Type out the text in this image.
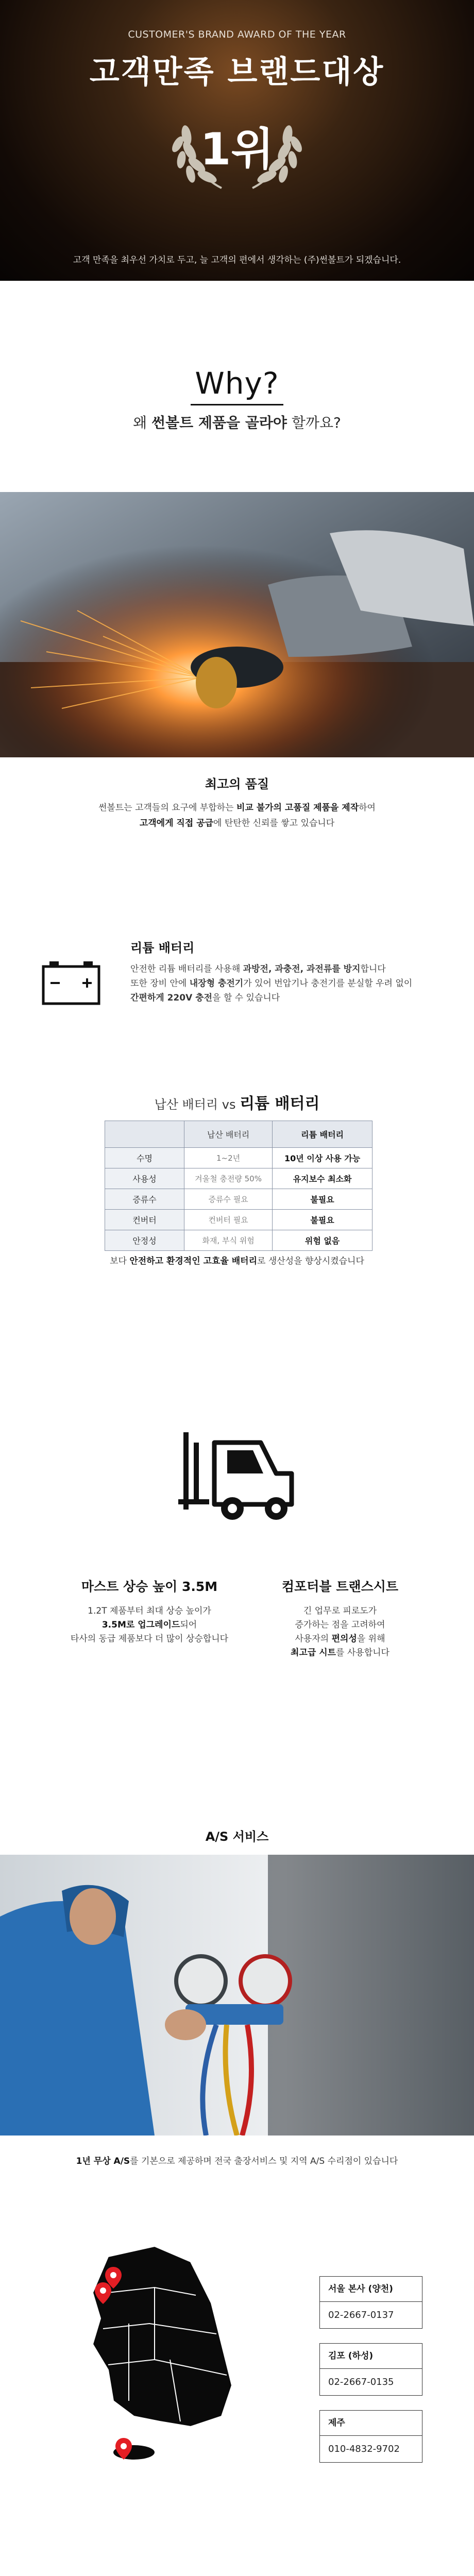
CUSTOMER'S BRAND AWARD OF THE YEAR
고객만족 브랜드대상
1위
고객 만족을 최우선 가치로 두고, 늘 고객의 편에서 생각하는 (주)썬볼트가 되겠습니다.
Why?
왜 썬볼트 제품을 골라야 할까요?
최고의 품질
썬볼트는 고객들의 요구에 부합하는 비교 불가의 고품질 제품을 제작하여
고객에게 직접 공급에 탄탄한 신뢰를 쌓고 있습니다
리튬 배터리
안전한 리튬 배터리를 사용해 과방전, 과충전, 과전류를 방지합니다
또한 장비 안에 내장형 충전기가 있어 번압기나 충전기를 분실할 우려 없이
간편하게 220V 충전을 할 수 있습니다
납산 배터리 vs 리튬 배터리
	납산 배터리	리튬 배터리
수명	1~2년	10년 이상 사용 가능
사용성	겨울철 충전량 50%	유지보수 최소화
증류수	증류수 필요	불필요
컨버터	컨버터 필요	불필요
안정성	화재, 부식 위험	위험 없음
보다 안전하고 환경적인 고효율 배터리로 생산성을 향상시켰습니다
마스트 상승 높이 3.5M
1.2T 제품부터 최대 상승 높이가
3.5M로 업그레이드되어
타사의 동급 제품보다 더 많이 상승합니다
컴포터블 트랜스시트
긴 업무로 피로도가
증가하는 점을 고려하여
사용자의 편의성을 위해
최고급 시트를 사용합니다
A/S 서비스
1년 무상 A/S를 기본으로 제공하며 전국 출장서비스 및 지역 A/S 수리점이 있습니다
서울 본사 (양천)
02-2667-0137
김포 (하성)
02-2667-0135
제주
010-4832-9702
